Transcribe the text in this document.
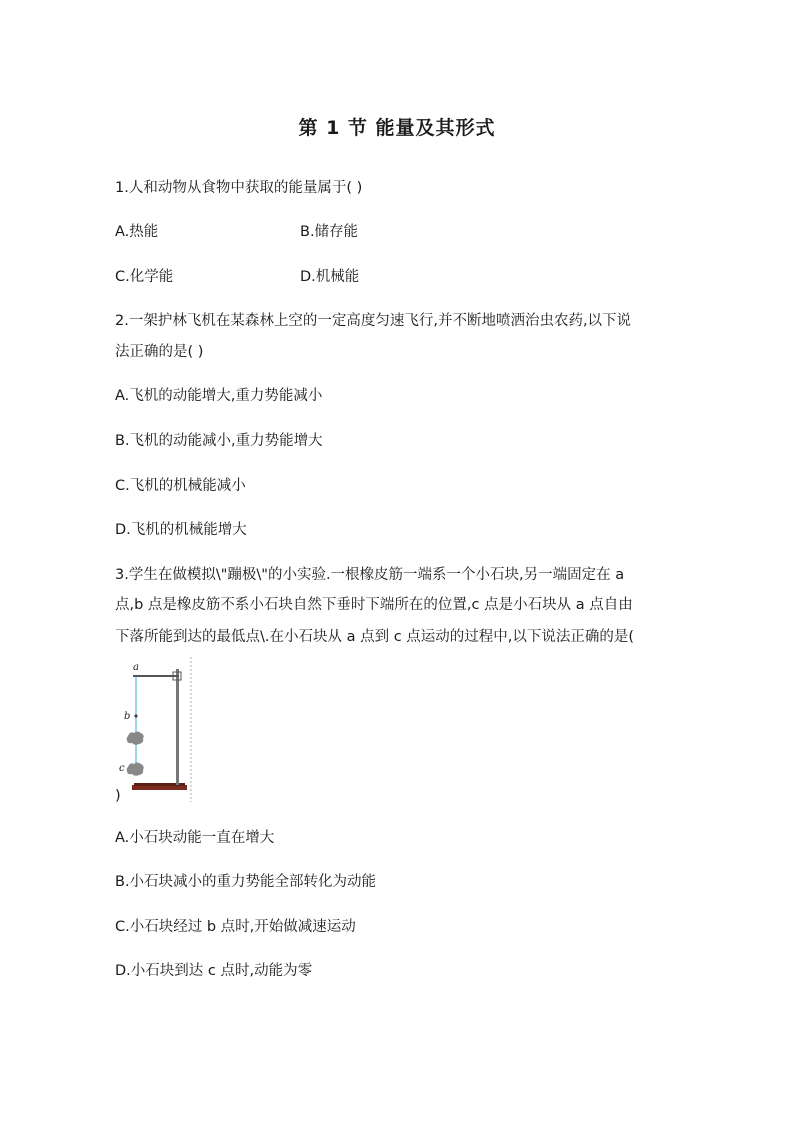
第 1 节 能量及其形式
1.人和动物从食物中获取的能量属于( )
A.热能	B.储存能
C.化学能	D.机械能
2.一架护林飞机在某森林上空的一定高度匀速飞行,并不断地喷洒治虫农药,以下说
法正确的是( )
A.飞机的动能增大,重力势能减小
B.飞机的动能减小,重力势能增大
C.飞机的机械能减小
D.飞机的机械能增大
3.学生在做模拟\"蹦极\"的小实验.一根橡皮筋一端系一个小石块,另一端固定在 a
点,b 点是橡皮筋不系小石块自然下垂时下端所在的位置,c 点是小石块从 a 点自由
下落所能到达的最低点\.在小石块从 a 点到 c 点运动的过程中,以下说法正确的是(
a
b
c
)
A.小石块动能一直在增大
B.小石块减小的重力势能全部转化为动能
C.小石块经过 b 点时,开始做减速运动
D.小石块到达 c 点时,动能为零
